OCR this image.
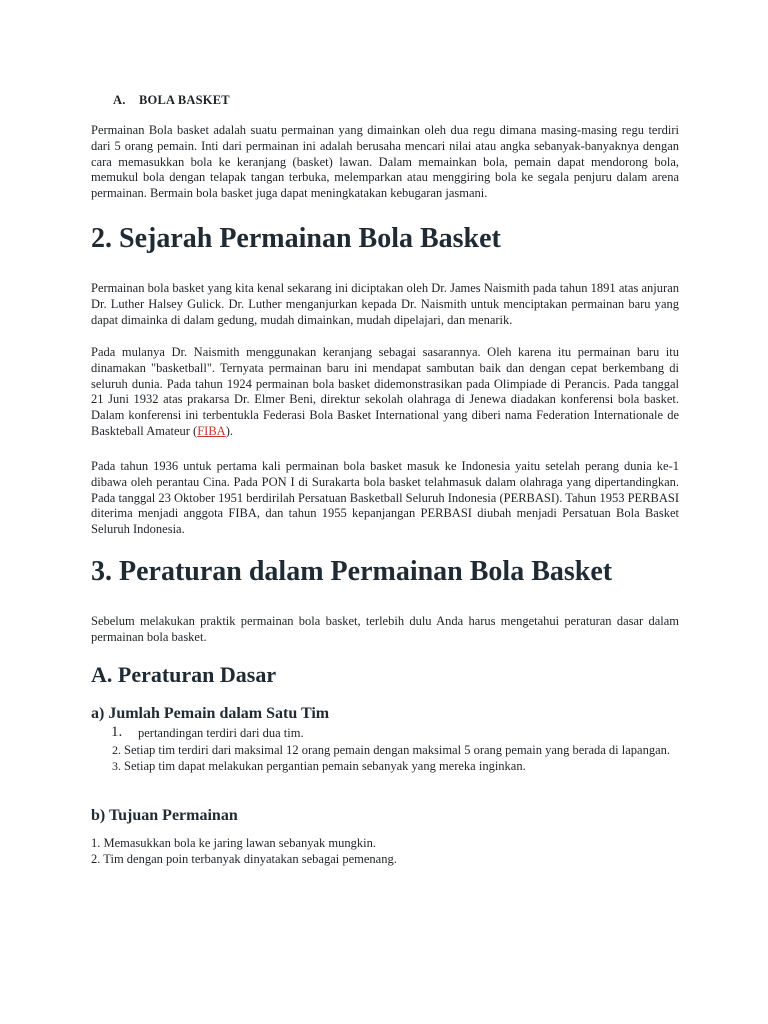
A. BOLA BASKET

Permainan Bola basket adalah suatu permainan yang dimainkan oleh dua regu dimana masing-masing regu terdiri dari 5 orang pemain. Inti dari permainan ini adalah berusaha mencari nilai atau angka sebanyak-banyaknya dengan cara memasukkan bola ke keranjang (basket) lawan. Dalam memainkan bola, pemain dapat mendorong bola, memukul bola dengan telapak tangan terbuka, melemparkan atau menggiring bola ke segala penjuru dalam arena permainan. Bermain bola basket juga dapat meningkatakan kebugaran jasmani.

2. Sejarah Permainan Bola Basket

Permainan bola basket yang kita kenal sekarang ini diciptakan oleh Dr. James Naismith pada tahun 1891 atas anjuran Dr. Luther Halsey Gulick. Dr. Luther menganjurkan kepada Dr. Naismith untuk menciptakan permainan baru yang dapat dimainka di dalam gedung, mudah dimainkan, mudah dipelajari, dan menarik.

Pada mulanya Dr. Naismith menggunakan keranjang sebagai sasarannya. Oleh karena itu permainan baru itu dinamakan "basketball". Ternyata permainan baru ini mendapat sambutan baik dan dengan cepat berkembang di seluruh dunia. Pada tahun 1924 permainan bola basket didemonstrasikan pada Olimpiade di Perancis. Pada tanggal 21 Juni 1932 atas prakarsa Dr. Elmer Beni, direktur sekolah olahraga di Jenewa diadakan konferensi bola basket. Dalam konferensi ini terbentukla Federasi Bola Basket International yang diberi nama Federation Internationale de Baskteball Amateur (FIBA).

Pada tahun 1936 untuk pertama kali permainan bola basket masuk ke Indonesia yaitu setelah perang dunia ke-1 dibawa oleh perantau Cina. Pada PON I di Surakarta bola basket telahmasuk dalam olahraga yang dipertandingkan. Pada tanggal 23 Oktober 1951 berdirilah Persatuan Basketball Seluruh Indonesia (PERBASI). Tahun 1953 PERBASI diterima menjadi anggota FIBA, dan tahun 1955 kepanjangan PERBASI diubah menjadi Persatuan Bola Basket Seluruh Indonesia.

3. Peraturan dalam Permainan Bola Basket

Sebelum melakukan praktik permainan bola basket, terlebih dulu Anda harus mengetahui peraturan dasar dalam permainan bola basket.

A. Peraturan Dasar
a) Jumlah Pemain dalam Satu Tim
1. pertandingan terdiri dari dua tim.
2. Setiap tim terdiri dari maksimal 12 orang pemain dengan maksimal 5 orang pemain yang berada di lapangan.
3. Setiap tim dapat melakukan pergantian pemain sebanyak yang mereka inginkan.
b) Tujuan Permainan
1. Memasukkan bola ke jaring lawan sebanyak mungkin.
2. Tim dengan poin terbanyak dinyatakan sebagai pemenang.
